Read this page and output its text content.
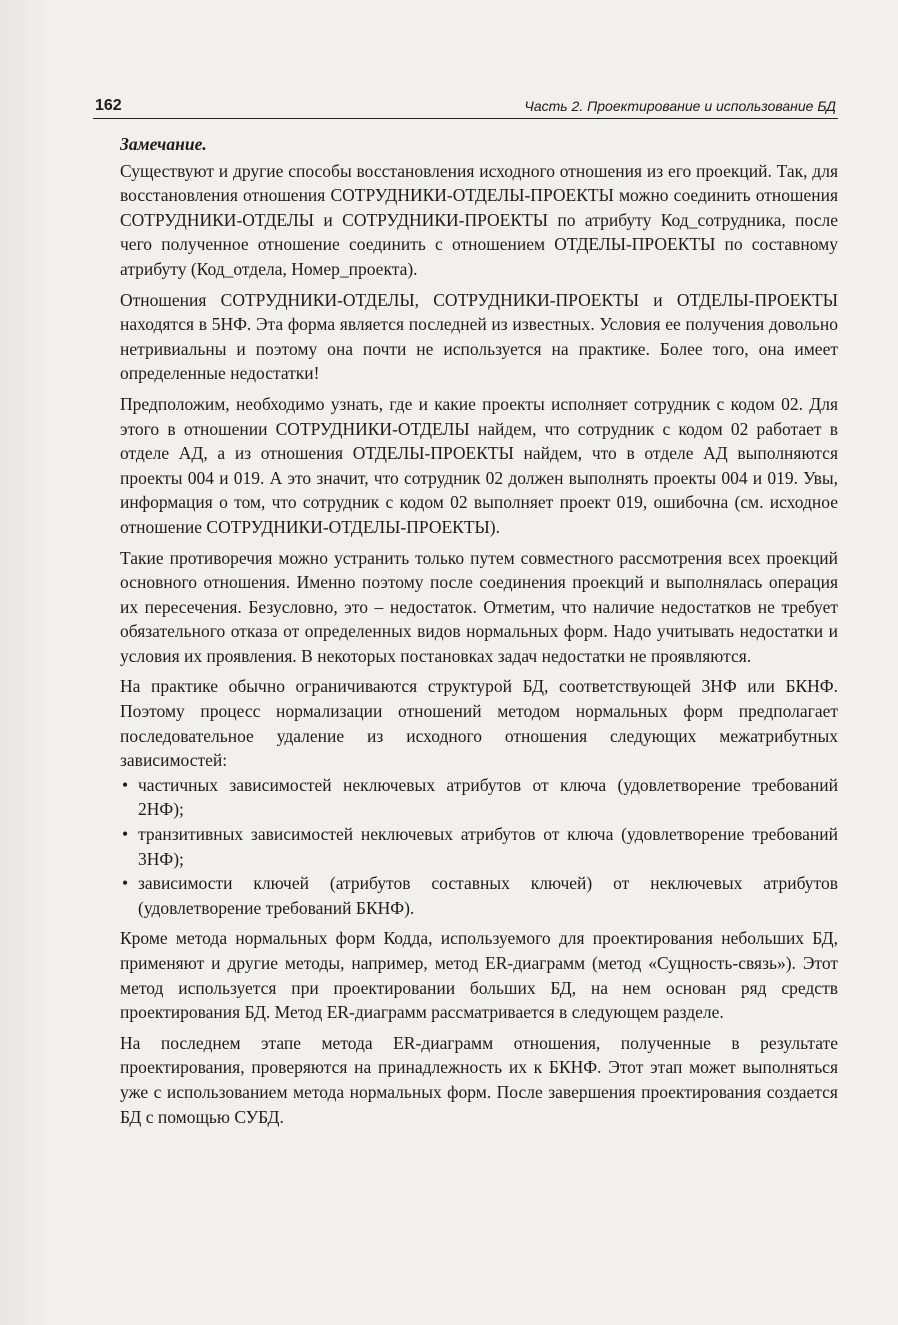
162	Часть 2. Проектирование и использование БД
Замечание.

Существуют и другие способы восстановления исходного отношения из его проекций. Так, для восстановления отношения СОТРУДНИКИ-ОТДЕЛЫ-ПРОЕКТЫ можно соединить отношения СОТРУДНИКИ-ОТДЕЛЫ и СОТРУДНИКИ-ПРОЕКТЫ по атрибуту Код_сотрудника, после чего полученное отношение соединить с отношением ОТДЕЛЫ-ПРОЕКТЫ по составному атрибуту (Код_отдела, Номер_проекта).

Отношения СОТРУДНИКИ-ОТДЕЛЫ, СОТРУДНИКИ-ПРОЕКТЫ и ОТДЕЛЫ-ПРОЕКТЫ находятся в 5НФ. Эта форма является последней из известных. Условия ее получения довольно нетривиальны и поэтому она почти не используется на практике. Более того, она имеет определенные недостатки!

Предположим, необходимо узнать, где и какие проекты исполняет сотрудник с кодом 02. Для этого в отношении СОТРУДНИКИ-ОТДЕЛЫ найдем, что сотрудник с кодом 02 работает в отделе АД, а из отношения ОТДЕЛЫ-ПРОЕКТЫ найдем, что в отделе АД выполняются проекты 004 и 019. А это значит, что сотрудник 02 должен выполнять проекты 004 и 019. Увы, информация о том, что сотрудник с кодом 02 выполняет проект 019, ошибочна (см. исходное отношение СОТРУДНИКИ-ОТДЕЛЫ-ПРОЕКТЫ).

Такие противоречия можно устранить только путем совместного рассмотрения всех проекций основного отношения. Именно поэтому после соединения проекций и выполнялась операция их пересечения. Безусловно, это – недостаток. Отметим, что наличие недостатков не требует обязательного отказа от определенных видов нормальных форм. Надо учитывать недостатки и условия их проявления. В некоторых постановках задач недостатки не проявляются.

На практике обычно ограничиваются структурой БД, соответствующей 3НФ или БКНФ. Поэтому процесс нормализации отношений методом нормальных форм предполагает последовательное удаление из исходного отношения следующих межатрибутных зависимостей:

• частичных зависимостей неключевых атрибутов от ключа (удовлетворение требований 2НФ);
• транзитивных зависимостей неключевых атрибутов от ключа (удовлетворение требований 3НФ);
• зависимости ключей (атрибутов составных ключей) от неключевых атрибутов (удовлетворение требований БКНФ).

Кроме метода нормальных форм Кодда, используемого для проектирования небольших БД, применяют и другие методы, например, метод ER-диаграмм (метод «Сущность-связь»). Этот метод используется при проектировании больших БД, на нем основан ряд средств проектирования БД. Метод ER-диаграмм рассматривается в следующем разделе.

На последнем этапе метода ER-диаграмм отношения, полученные в результате проектирования, проверяются на принадлежность их к БКНФ. Этот этап может выполняться уже с использованием метода нормальных форм. После завершения проектирования создается БД с помощью СУБД.
